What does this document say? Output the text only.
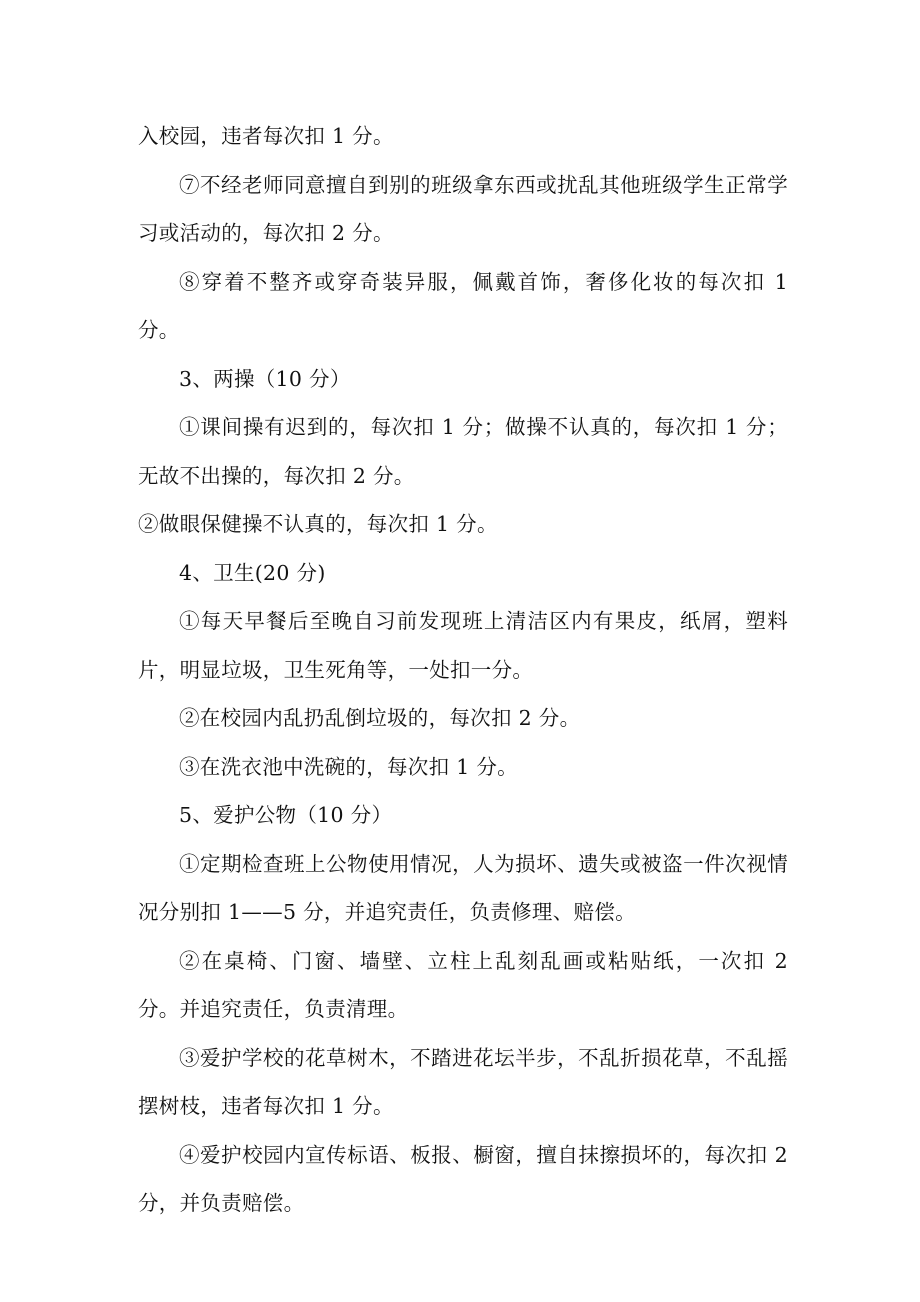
入校园，违者每次扣 1 分。

⑦不经老师同意擅自到别的班级拿东西或扰乱其他班级学生正常学习或活动的，每次扣 2 分。

⑧穿着不整齐或穿奇装异服，佩戴首饰，奢侈化妆的每次扣 1 分。

3、两操（10 分）

①课间操有迟到的，每次扣 1 分；做操不认真的，每次扣 1 分；无故不出操的，每次扣 2 分。

②做眼保健操不认真的，每次扣 1 分。

4、卫生(20 分)

①每天早餐后至晚自习前发现班上清洁区内有果皮，纸屑，塑料片，明显垃圾，卫生死角等，一处扣一分。

②在校园内乱扔乱倒垃圾的，每次扣 2 分。

③在洗衣池中洗碗的，每次扣 1 分。

5、爱护公物（10 分）

①定期检查班上公物使用情况，人为损坏、遗失或被盗一件次视情况分别扣 1——5 分，并追究责任，负责修理、赔偿。

②在桌椅、门窗、墙壁、立柱上乱刻乱画或粘贴纸，一次扣 2 分。并追究责任，负责清理。

③爱护学校的花草树木，不踏进花坛半步，不乱折损花草，不乱摇摆树枝，违者每次扣 1 分。

④爱护校园内宣传标语、板报、橱窗，擅自抹擦损坏的，每次扣 2 分，并负责赔偿。
